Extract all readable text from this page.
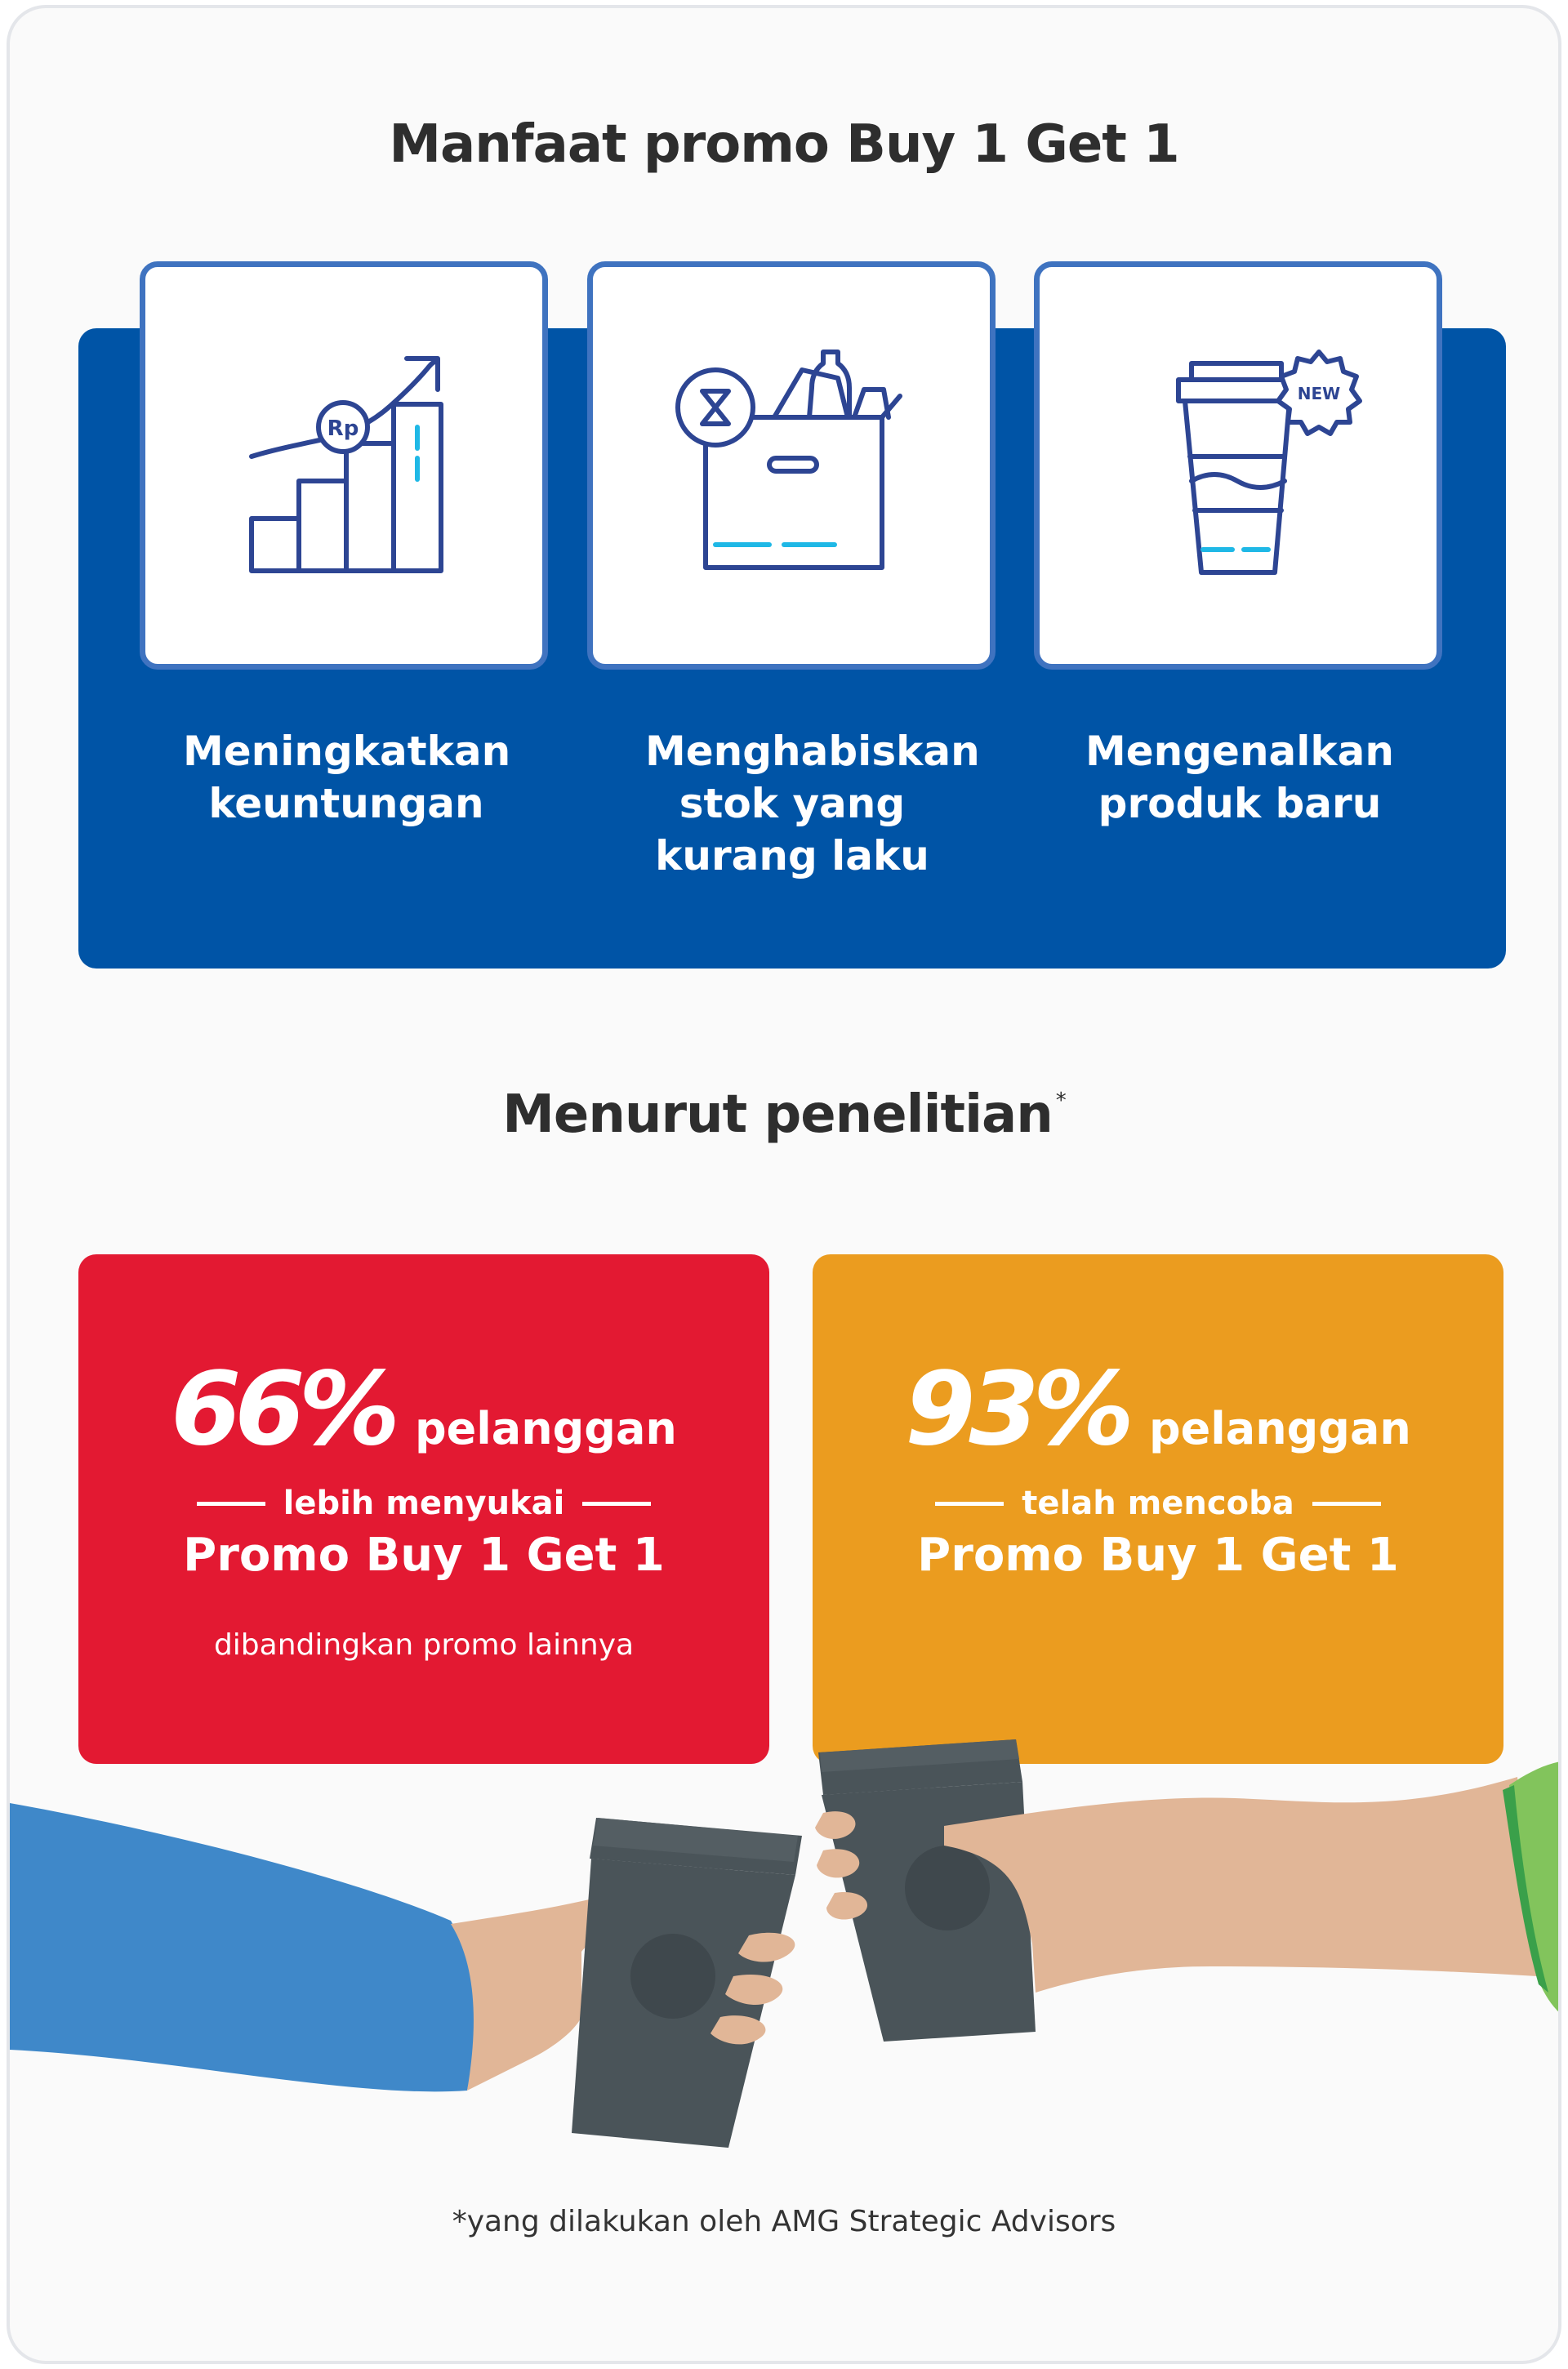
Manfaat promo Buy 1 Get 1
Rp
NEW

Meningkatkan keuntungan

Menghabiskan stok yang kurang laku

Mengenalkan produk baru

Menurut penelitian *
66% pelanggan
lebih menyukai
Promo Buy 1 Get 1
dibandingkan promo lainnya
93% pelanggan
telah mencoba
Promo Buy 1 Get 1
*yang dilakukan oleh AMG Strategic Advisors
